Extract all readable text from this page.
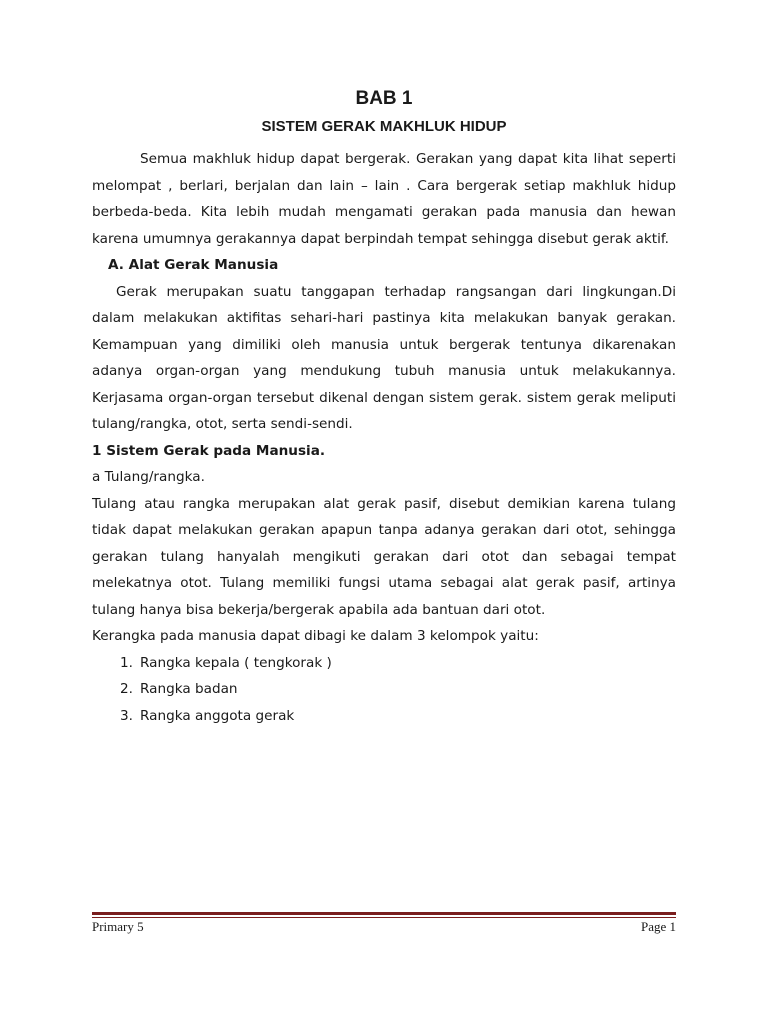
BAB 1
SISTEM GERAK MAKHLUK HIDUP

Semua makhluk hidup dapat bergerak. Gerakan yang dapat kita lihat seperti melompat , berlari, berjalan dan lain – lain . Cara bergerak setiap makhluk hidup berbeda-beda. Kita lebih mudah mengamati gerakan pada manusia dan hewan karena umumnya gerakannya dapat berpindah tempat sehingga disebut gerak aktif.

A. Alat Gerak Manusia

Gerak merupakan suatu tanggapan terhadap rangsangan dari lingkungan.Di dalam melakukan aktifitas sehari-hari pastinya kita melakukan banyak gerakan. Kemampuan yang dimiliki oleh manusia untuk bergerak tentunya dikarenakan adanya organ-organ yang mendukung tubuh manusia untuk melakukannya. Kerjasama organ-organ tersebut dikenal dengan sistem gerak. sistem gerak meliputi tulang/rangka, otot, serta sendi-sendi.

1 Sistem Gerak pada Manusia.

a Tulang/rangka.

Tulang atau rangka merupakan alat gerak pasif, disebut demikian karena tulang tidak dapat melakukan gerakan apapun tanpa adanya gerakan dari otot, sehingga gerakan tulang hanyalah mengikuti gerakan dari otot dan sebagai tempat melekatnya otot. Tulang memiliki fungsi utama sebagai alat gerak pasif, artinya tulang hanya bisa bekerja/bergerak apabila ada bantuan dari otot.

Kerangka pada manusia dapat dibagi ke dalam 3 kelompok yaitu:

1. Rangka kepala ( tengkorak )
2. Rangka badan
3. Rangka anggota gerak
Primary 5	Page 1
